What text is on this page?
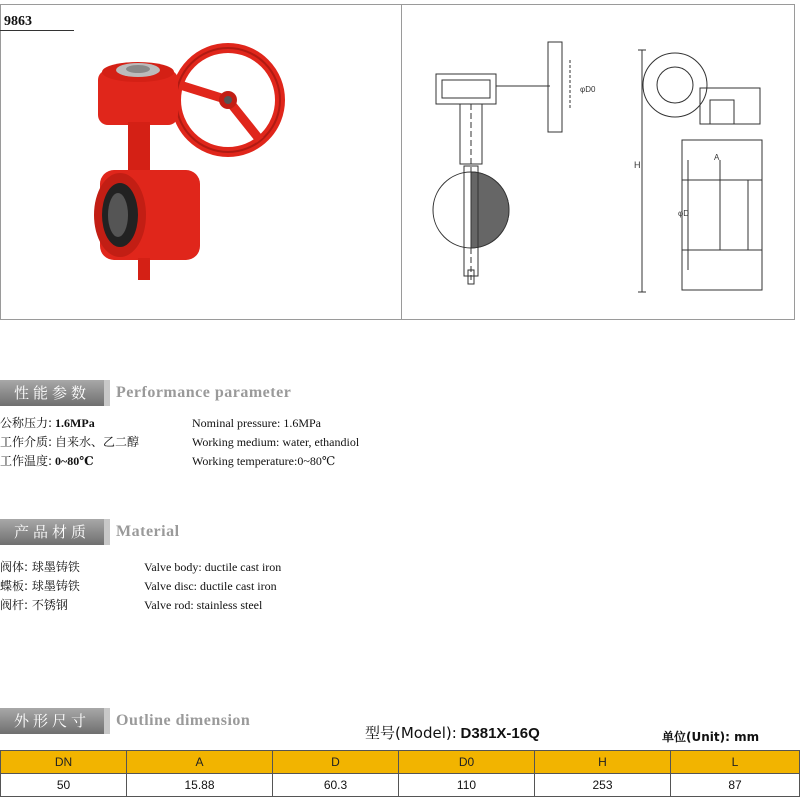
9863
H
φD0
φD
A
性能参数	Performance parameter
公称压力: 1.6MPa
工作介质: 自来水、乙二醇
工作温度: 0~80℃
Nominal pressure: 1.6MPa
Working medium: water, ethandiol
Working temperature:0~80℃
产品材质	Material
阀体: 球墨铸铁
蝶板: 球墨铸铁
阀杆: 不锈钢
Valve body: ductile cast iron
Valve disc: ductile cast iron
Valve rod: stainless steel
外形尺寸	Outline dimension
型号(Model): D381X-16Q	单位(Unit): mm
DN	A	D	D0	H	L
50	15.88	60.3	110	253	87
